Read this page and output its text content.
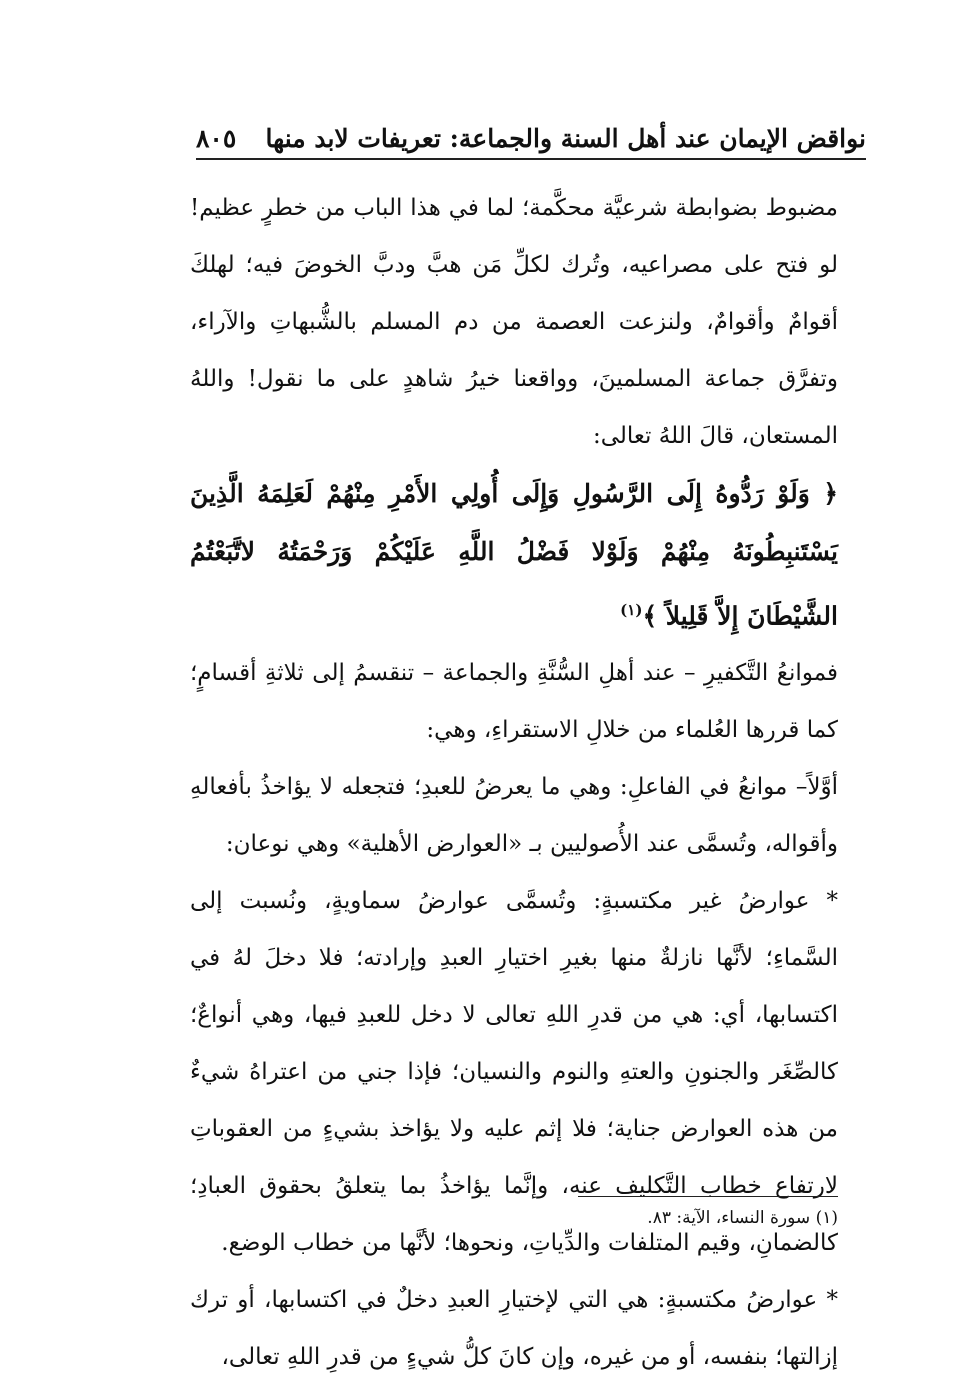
٨٠٥ نواقض الإيمان عند أهل السنة والجماعة: تعريفات لابد منها

مضبوط بضوابطة شرعيَّة محكَّمة؛ لما في هذا الباب من خطرٍ عظيم! لو فتح على مصراعيه، وتُرك لكلِّ مَن هبَّ ودبَّ الخوضَ فيه؛ لهلكَ أقوامٌ وأقوامٌ، ولنزعت العصمة من دم المسلم بالشُّبهاتِ والآراء، وتفرَّق جماعة المسلمينَ، وواقعنا خيرُ شاهدٍ على ما نقول! واللهُ المستعان، قالَ اللهُ تعالى:

﴿ وَلَوْ رَدُّوهُ إِلَى الرَّسُولِ وَإِلَى أُولِي الأَمْرِ مِنْهُمْ لَعَلِمَهُ الَّذِينَ يَسْتَنبِطُونَهُ مِنْهُمْ وَلَوْلا فَضْلُ اللَّهِ عَلَيْكُمْ وَرَحْمَتُهُ لاتَّبَعْتُمُ الشَّيْطَانَ إِلاَّ قَلِيلاً ﴾$^{(١)}$

فموانعُ التَّكفيرِ – عند أهلِ السُّنَّةِ والجماعة – تنقسمُ إلى ثلاثةِ أقسامٍ؛ كما قررها العُلماء من خلالِ الاستقراءِ، وهي:

أوَّلاً– موانعُ في الفاعلِ: وهي ما يعرضُ للعبدِ؛ فتجعله لا يؤاخذُ بأفعالهِ وأقواله، وتُسمَّى عند الأُصوليين بـ «العوارض الأهلية» وهي نوعان:

* عوارضُ غير مكتسبةٍ: وتُسمَّى عوارضُ سماويةٍ، ونُسبت إلى السَّماءِ؛ لأنَّها نازلةٌ منها بغيرِ اختيارِ العبدِ وإرادته؛ فلا دخلَ لهُ في اكتسابها، أي: هي من قدرِ اللهِ تعالى لا دخل للعبدِ فيها، وهي أنواعٌ؛ كالصِّغَر والجنونِ والعتهِ والنوم والنسيان؛ فإذا جني من اعتراهُ شيءٌ من هذه العوارض جناية؛ فلا إثم عليه ولا يؤاخذ بشيءٍ من العقوباتِ لارتفاع خطاب التَّكليف عنه، وإنَّما يؤاخذُ بما يتعلقُ بحقوق العبادِ؛ كالضمانِ، وقيم المتلفات والدِّياتِ، ونحوها؛ لأنَّها من خطاب الوضع.

* عوارضُ مكتسبةٍ: هي التي لإختيارِ العبدِ دخلٌ في اكتسابها، أو ترك إزالتها؛ بنفسه، أو من غيره، وإن كانَ كلُّ شيءٍ من قدرِ اللهِ تعالى،

(١) سورة النساء، الآية: ٨٣.
